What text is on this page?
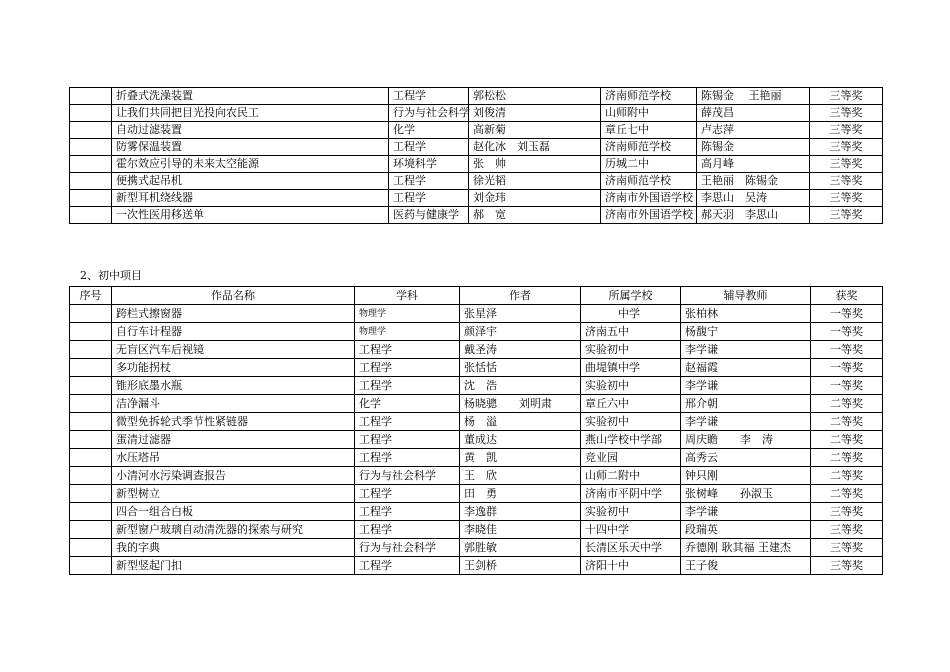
	折叠式洗澡装置	工程学	郭松松	济南师范学校	陈锡金　 王艳丽	三等奖
	让我们共同把目光投向农民工	行为与社会科学	刘俊清	山师附中	薛茂昌	三等奖
	自动过滤装置	化学	高新菊	章丘七中	卢志萍	三等奖
	防雾保温装置	工程学	赵化冰　刘玉磊	济南师范学校	陈锡金	三等奖
	霍尔效应引导的未来太空能源	环境科学	张　帅	历城二中	高月峰	三等奖
	便携式起吊机	工程学	徐光韬	济南师范学校	王艳丽　陈锡金	三等奖
	新型耳机绕线器	工程学	刘金玮	济南市外国语学校	李思山　吴涛	三等奖
	一次性医用移送单	医药与健康学	郝　宽	济南市外国语学校	郝天羽　李思山	三等奖
2、初中项目
序号	作品名称	学科	作者	所属学校	辅导教师	获奖
	跨栏式擦窗器	物理学	张星泽	　　　中学	张柏林	一等奖
	自行车计程器	物理学	颜泽宇	济南五中	杨馥宁	一等奖
	无盲区汽车后视镜	工程学	戴圣涛	实验初中	李学谦	一等奖
	多功能拐杖	工程学	张恬恬	曲堤镇中学	赵福霞	一等奖
	锥形底墨水瓶	工程学	沈　浩	实验初中	李学谦	一等奖
	洁净漏斗	化学	杨晓骢　　刘明肃	章丘六中	邢介朝	二等奖
	微型免拆轮式季节性紧链器	工程学	杨　溢	实验初中	李学谦	二等奖
	蛋清过滤器	工程学	董成达	燕山学校中学部	周庆瞻　　李　涛	二等奖
	水压塔吊	工程学	黄　凯	竞业园	高秀云	二等奖
	小清河水污染调查报告	行为与社会科学	王　欣	山师二附中	钟只刚	二等奖
	新型树立	工程学	田　勇	济南市平阴中学	张树峰　　孙淑玉	二等奖
	四合一组合白板	工程学	李逸群	实验初中	李学谦	三等奖
	新型窗户玻璃自动清洗器的探索与研究	工程学	李晓佳	十四中学	段瑞英	三等奖
	我的字典	行为与社会科学	郭胜敏	长清区乐天中学	乔德刚 耿其福 王建杰	三等奖
	新型竖起门扣	工程学	王剑桥	济阳十中	王子俊	三等奖
